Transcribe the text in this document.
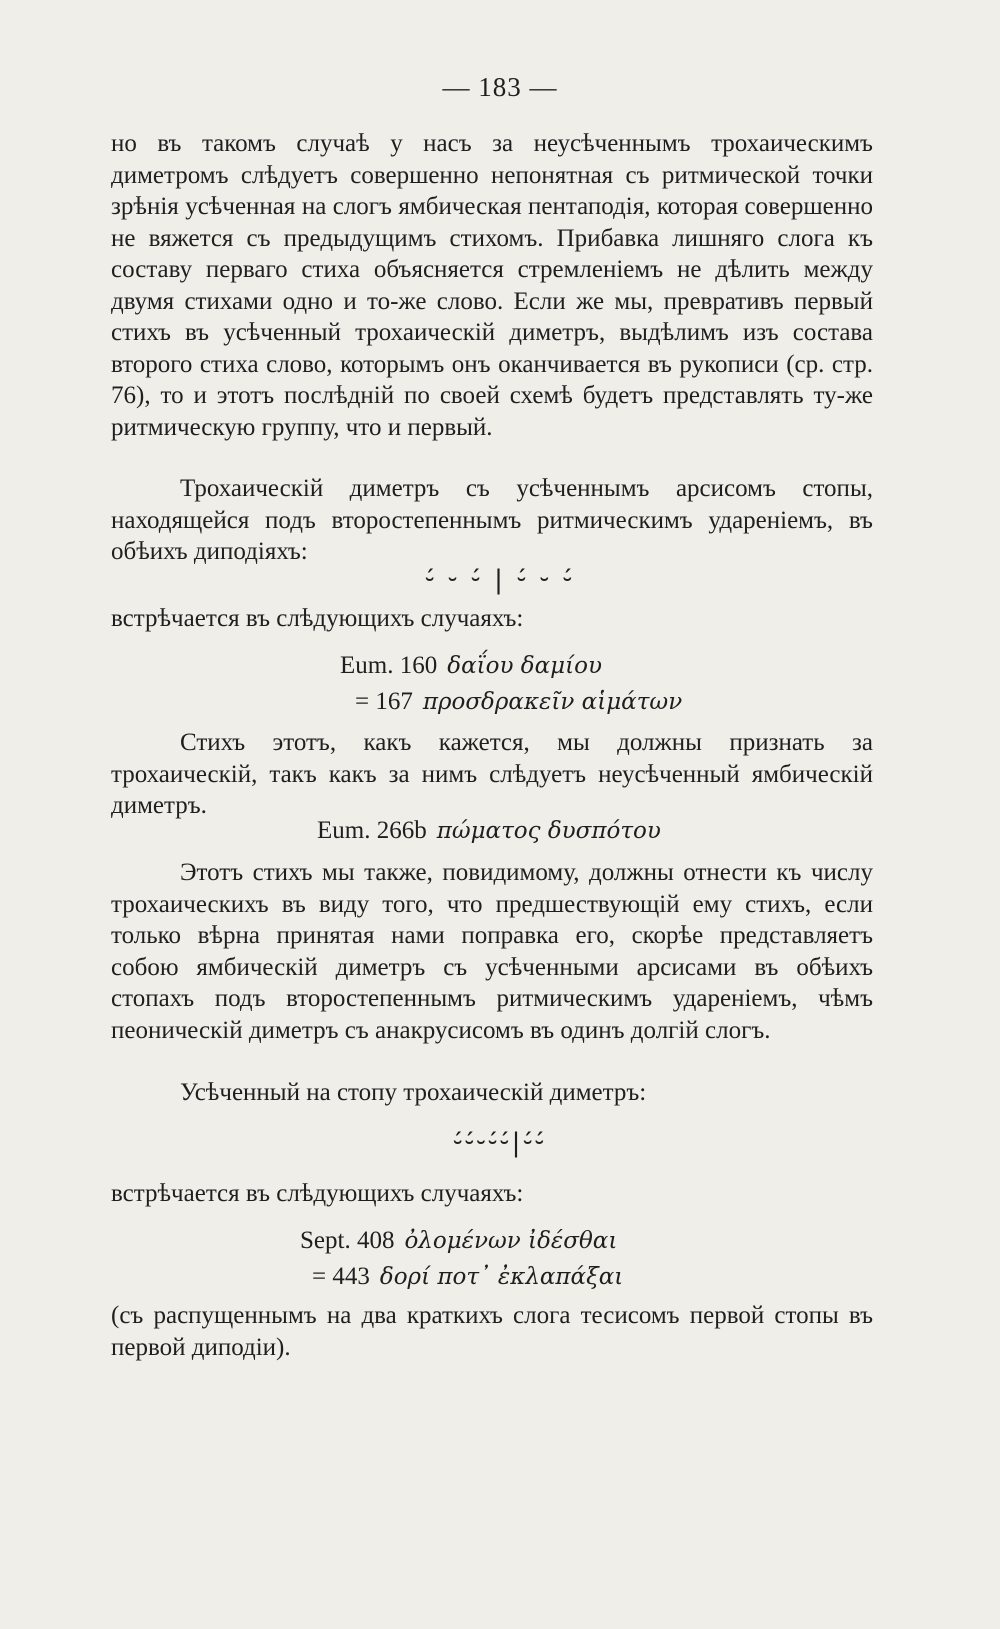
— 183 —

но въ такомъ случаѣ у насъ за неусѣченнымъ трохаическимъ диметромъ слѣдуетъ совершенно непонятная съ ритмической точки зрѣнія усѣченная на слогъ ямбическая пентаподія, которая совершенно не вяжется съ предыдущимъ стихомъ. Прибавка лишняго слога къ составу перваго стиха объясняется стремленіемъ не дѣлить между двумя стихами одно и то-же слово. Если же мы, превративъ первый стихъ въ усѣченный трохаическій диметръ, выдѣлимъ изъ состава второго стиха слово, которымъ онъ оканчивается въ рукописи (ср. стр. 76), то и этотъ послѣдній по своей схемѣ будетъ представлять ту-же ритмическую группу, что и первый.

Трохаическій диметръ съ усѣченнымъ арсисомъ стопы, находящейся подъ второстепеннымъ ритмическимъ удареніемъ, въ обѣихъ диподіяхъ:

⏑́ ⏑ ⏑́ | ⏑́ ⏑ ⏑́

встрѣчается въ слѣдующихъ случаяхъ:

Eum. 160 δαΐου δαμίου
= 167 προσδρακεῖν αἱμάτων

Стихъ этотъ, какъ кажется, мы должны признать за трохаическій, такъ какъ за нимъ слѣдуетъ неусѣченный ямбическій диметръ.

Eum. 266b πώματος δυσπότου

Этотъ стихъ мы также, повидимому, должны отнести къ числу трохаическихъ въ виду того, что предшествующій ему стихъ, если только вѣрна принятая нами поправка его, скорѣе представляетъ собою ямбическій диметръ съ усѣченными арсисами въ обѣихъ стопахъ подъ второстепеннымъ ритмическимъ удареніемъ, чѣмъ пеоническій диметръ съ анакрусисомъ въ одинъ долгій слогъ.

Усѣченный на стопу трохаическій диметръ:

⏑́⏑́⏑⏑́⏑́|⏑́⏑́

встрѣчается въ слѣдующихъ случаяхъ:

Sept. 408 ὀλομένων ἰδέσθαι
= 443 δορί ποτ᾽ ἐκλαπάξαι

(съ распущеннымъ на два краткихъ слога тесисомъ первой стопы въ первой диподіи).
